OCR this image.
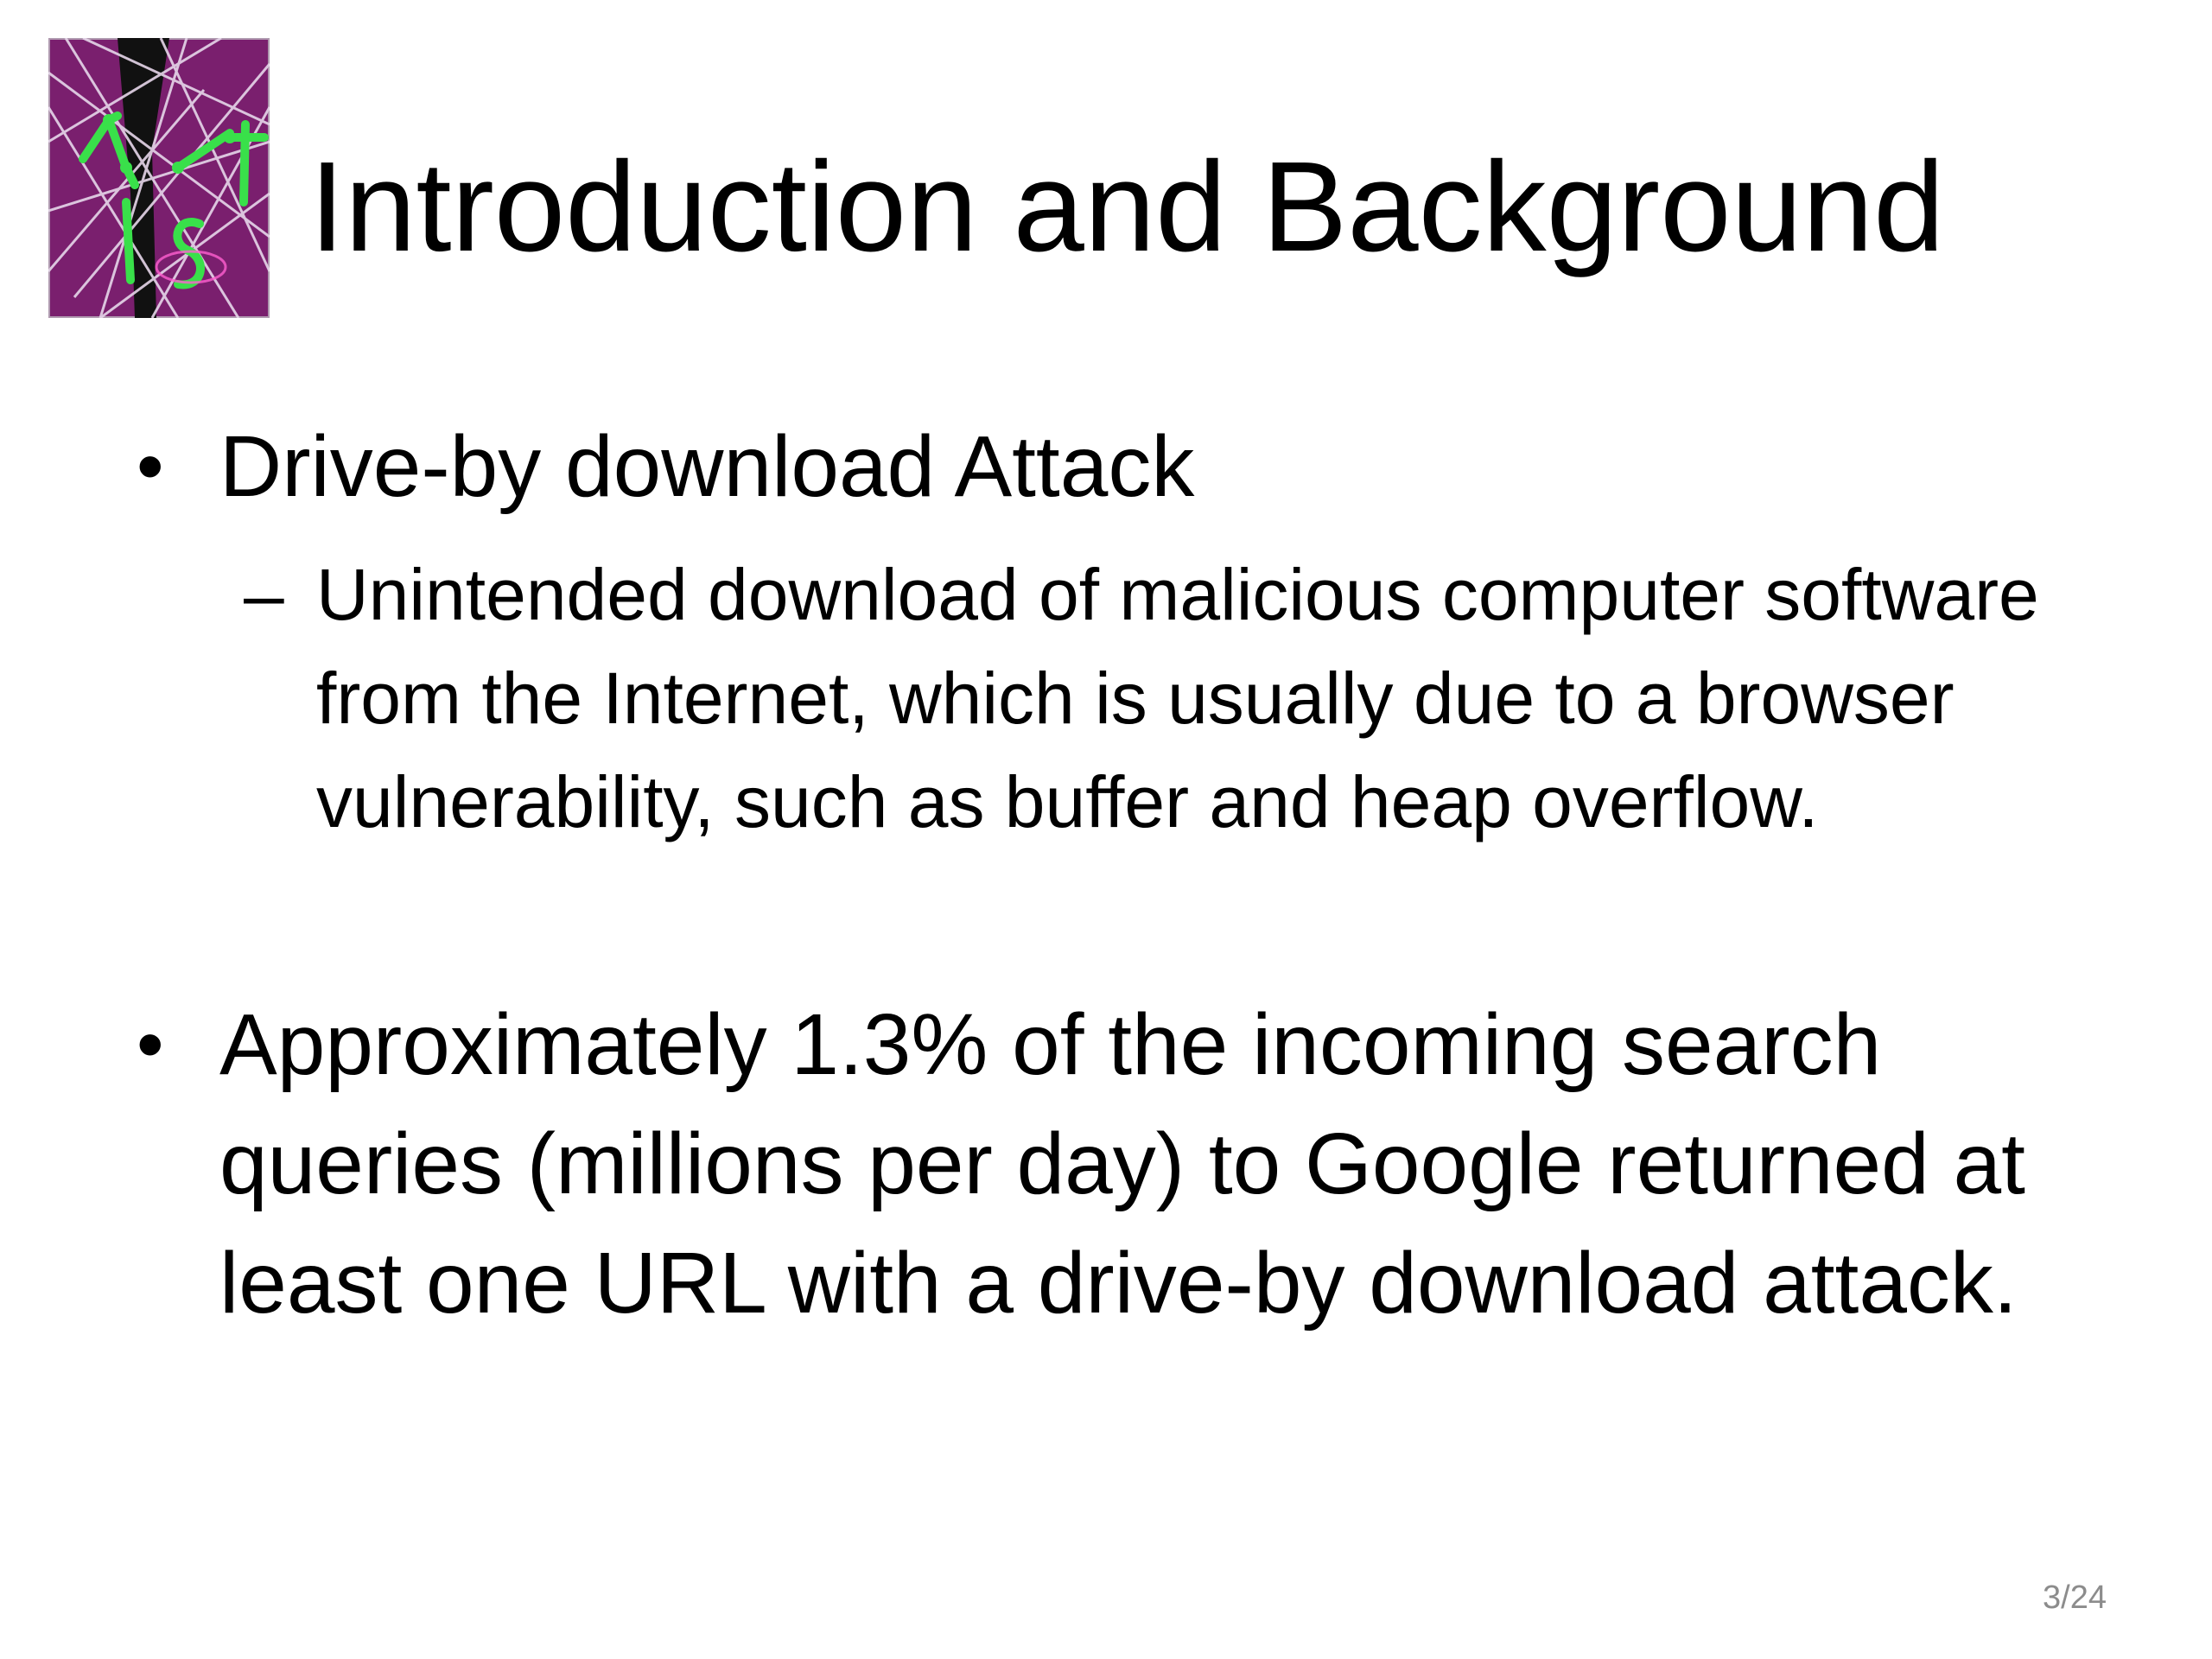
Introduction and Background
• Drive-by download Attack
– Unintended download of malicious computer software from the Internet, which is usually due to a browser vulnerability, such as buffer and heap overflow.
• Approximately 1.3% of the incoming search queries (millions per day) to Google returned at least one URL with a drive-by download attack.
3/24
